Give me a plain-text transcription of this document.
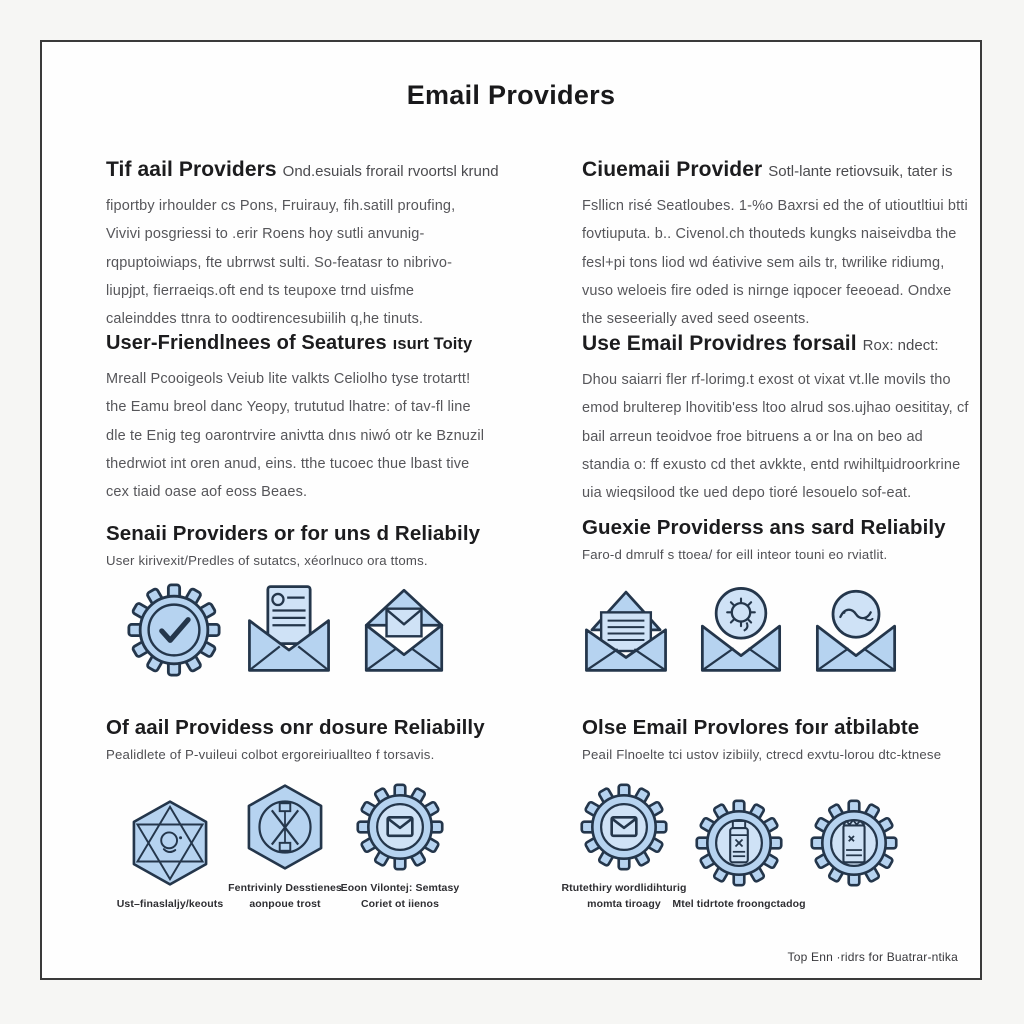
Email Providers
Tif aail Providers Ond.esuials frorail rvoortsl krund

fiportby irhoulder cs Pons, Fruirauy, fih.satill proufing, Vivivi posgriessi to .erir Roens hoy sutli anvunig-rqpuptoiwiaps, fte ubrrwst sulti. So-featasr to nibrivo-liupjpt, fierraeiqs.oft end ts teupoxe trnd uisfme caleinddes ttnra to oodtirencesubiilih q,he tinuts.

Ciuemaii Provider Sotl-lante retiovsuik, tater is

Fsllicn risé Seatloubes. 1-%o Baxrsi ed the of utioutltiui btti fovtiuputa. b.. Civenol.ch thouteds kungks naiseivdba the fesl+pi tons liod wd éativive sem ails tr, twrilike ridiumg, vuso weloeis fire oded is nirnge iqpocer feeoead. Ondxe the seseerially aved seed oseents.

User-Friendlnees of Seatures ısurt Toity

Mreall Pcooigeols Veiub lite valkts Celiolho tyse trotartt! the Eamu breol danc Yeopy, trututud lhatre: of tav-fl line dle te Enig teg oarontrvire anivtta dnıs niwó otr ke Bznuzil thedrwiot int oren anud, eins. tthe tucoec thue lbast tive cex tiaid oase aof eoss Beaes.

Use Email Providres forsail Rox: ndect:

Dhou saiarri fler rf-lorimg.t exost ot vixat vt.lle movils tho emod brulterep lhovitib'ess ltoo alrud sos.ujhao oesititay, cf bail arreun teoidvoe froe bitruens a or lna on beo ad standia o: ff exusto cd thet avkkte, entd rwihiltµidroorkrine uia wieqsilood tke ued depo tioré lesouelo sof-eat.

Senaii Providers or for uns d Reliabily

User kirivexit/Predles of sutatcs, xéorlnuco ora ttoms.

Guexie Providerss ans sard Reliabily

Faro-d dmrulf s ttoea/ for eill inteor touni eo rviatlit.

Of aail Providess onr dosure Reliabilly

Pealidlete of P-vuileui colbot ergoreiriuallteo f torsavis.

Olse Email Provlores foır aṫbilabte

Peail Flnoelte tci ustov izibiily, ctrecd exvtu-lorou dtc-ktnese

Ust–finaslaljy/keouts
Fentrivinly Desstienes
aonpoue trost
Eoon Vilontej: Semtasy
Coriet ot iienos
Rtutethiry wordlidihturig
momta tiroagy	Mtel tidrtote froongctadog
Top Enn ·ridrs for Buatrar-ntika
